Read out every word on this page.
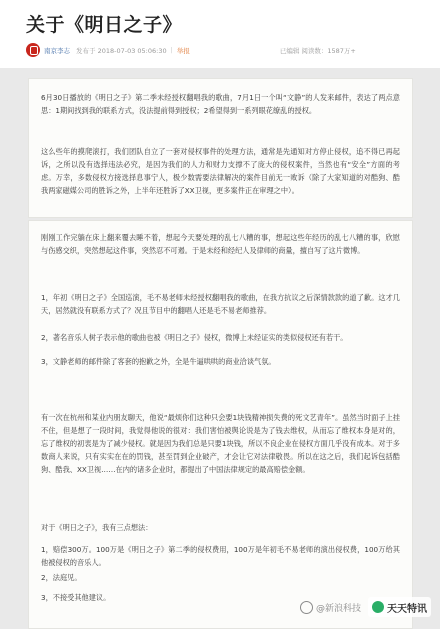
关于《明日之子》
南京李志 发布于 2018-07-03 05:06:30 | 举报	已编辑 阅读数：1587万+

6月30日播放的《明日之子》第二季未经授权翻唱我的歌曲，7月1日一个叫“文静”的人发来邮件，表达了两点意思：1期间找到我的联系方式，没法提前得到授权；2希望得到一系列眼花缭乱的授权。

这么些年的摸爬滚打，我们团队自立了一套对侵权事件的处理方法，通常是先通知对方停止侵权，追不得已再起诉，之所以没有选择违法必究，是因为我们的人力和财力支撑不了庞大的侵权案件，当然也有“安全”方面的考虑。万幸，多数侵权方接选择息事宁人，极少数需要法律解决的案件目前无一败诉（除了大家知道的对酷狗、酷我两家磁媒公司的胜诉之外，上半年还胜诉了XX卫视，更多案件正在审理之中）。

刚刚工作完躺在床上翻来覆去睡不着，想起今天要处理的乱七八糟的事，想起这些年经历的乱七八糟的事，欣慰与伤感交织，突然想起这件事，突然忍不可遏。于是未经和经纪人及律师的商量，擅自写了这片微博。

1，年初《明日之子》全国巡演，毛不易老师未经授权翻唱我的歌曲，在我方抗议之后深情款款的道了歉。这才几天，居然就没有联系方式了？况且节目中的翻唱人还是毛不易老师推荐。

2，著名音乐人树子表示他的歌曲也被《明日之子》侵权，微博上未经证实的类似侵权还有若干。

3，文静老师的邮件除了客套的抱歉之外，全是牛逼哄哄的商业洽谈气氛。

有一次在杭州和某业内朋友聊天，他说“最烦你们这种只会要1块钱精神损失费的死文艺青年”。虽然当时面子上挂不住，但是想了一段时间，我觉得他说的很对：我们害怕被舆论说是为了钱去维权，从而忘了维权本身是对的，忘了维权的初衷是为了减少侵权。就是因为我们总是只要1块钱，所以不良企业在侵权方面几乎没有成本。对于多数商人来说，只有实实在在的罚钱，甚至罚到企业破产，才会让它对法律敬畏。所以在这之后，我们起诉包括酷狗、酷我、XX卫视……在内的诸多企业时，都提出了中国法律规定的最高赔偿金额。

对于《明日之子》，我有三点想法：

1，赔偿300万。100万是《明日之子》第二季的侵权费用，100万是年初毛不易老师的演出侵权费，100万给其他被侵权的音乐人。

2，法庭见。

3，不接受其他建议。

@新浪科技	天天特讯
